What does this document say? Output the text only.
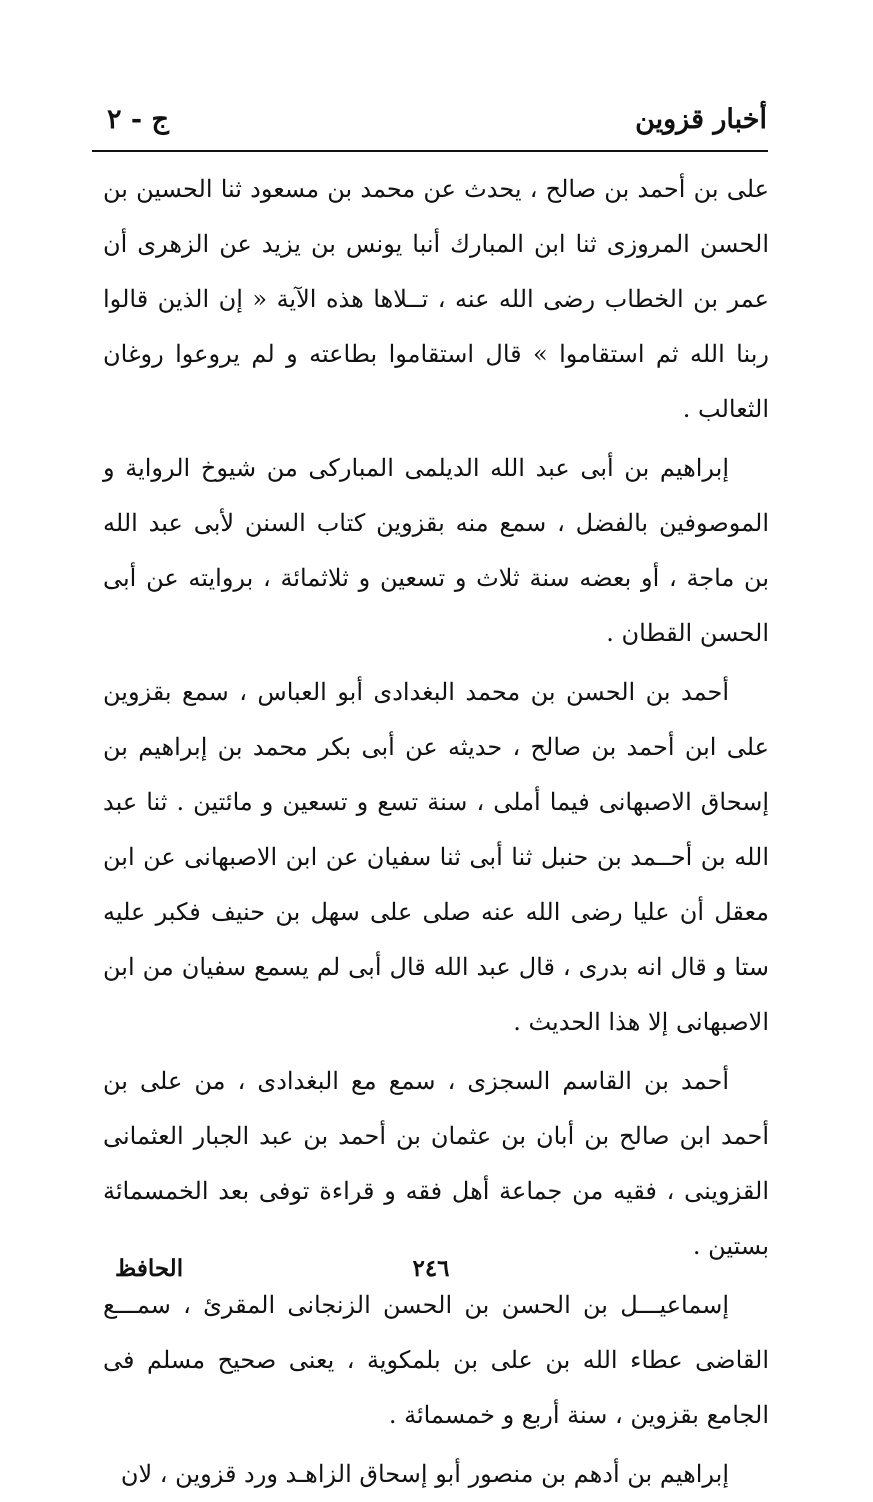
أخبار قزوين
ج - ٢

على بن أحمد بن صالح ، يحدث عن محمد بن مسعود ثنا الحسين بن الحسن المروزى ثنا ابن المبارك أنبا يونس بن يزيد عن الزهرى أن عمر بن الخطاب رضى الله عنه ، تــلاها هذه الآية « إن الذين قالوا ربنا الله ثم استقاموا » قال استقاموا بطاعته و لم يروعوا روغان الثعالب .

إبراهيم بن أبى عبد الله الديلمى المباركى من شيوخ الرواية و الموصوفين بالفضل ، سمع منه بقزوين كتاب السنن لأبى عبد الله بن ماجة ، أو بعضه سنة ثلاث و تسعين و ثلاثمائة ، بروايته عن أبى الحسن القطان .

أحمد بن الحسن بن محمد البغدادى أبو العباس ، سمع بقزوين على ابن أحمد بن صالح ، حديثه عن أبى بكر محمد بن إبراهيم بن إسحاق الاصبهانى فيما أملى ، سنة تسع و تسعين و مائتين . ثنا عبد الله بن أحــمد بن حنبل ثنا أبى ثنا سفيان عن ابن الاصبهانى عن ابن معقل أن عليا رضى الله عنه صلى على سهل بن حنيف فكبر عليه ستا و قال انه بدرى ، قال عبد الله قال أبى لم يسمع سفيان من ابن الاصبهانى إلا هذا الحديث .

أحمد بن القاسم السجزى ، سمع مع البغدادى ، من على بن أحمد ابن صالح بن أبان بن عثمان بن أحمد بن عبد الجبار العثمانى القزوينى ، فقيه من جماعة أهل فقه و قراءة توفى بعد الخمسمائة بستين .

إسماعيـــل بن الحسن بن الحسن الزنجانى المقرئ ، سمـــع القاضى عطاء الله بن على بن بلمكوية ، يعنى صحيح مسلم فى الجامع بقزوين ، سنة أربع و خمسمائة .

إبراهيم بن أدهم بن منصور أبو إسحاق الزاهـد ورد قزوين ، لان

٢٤٦
الحافظ
